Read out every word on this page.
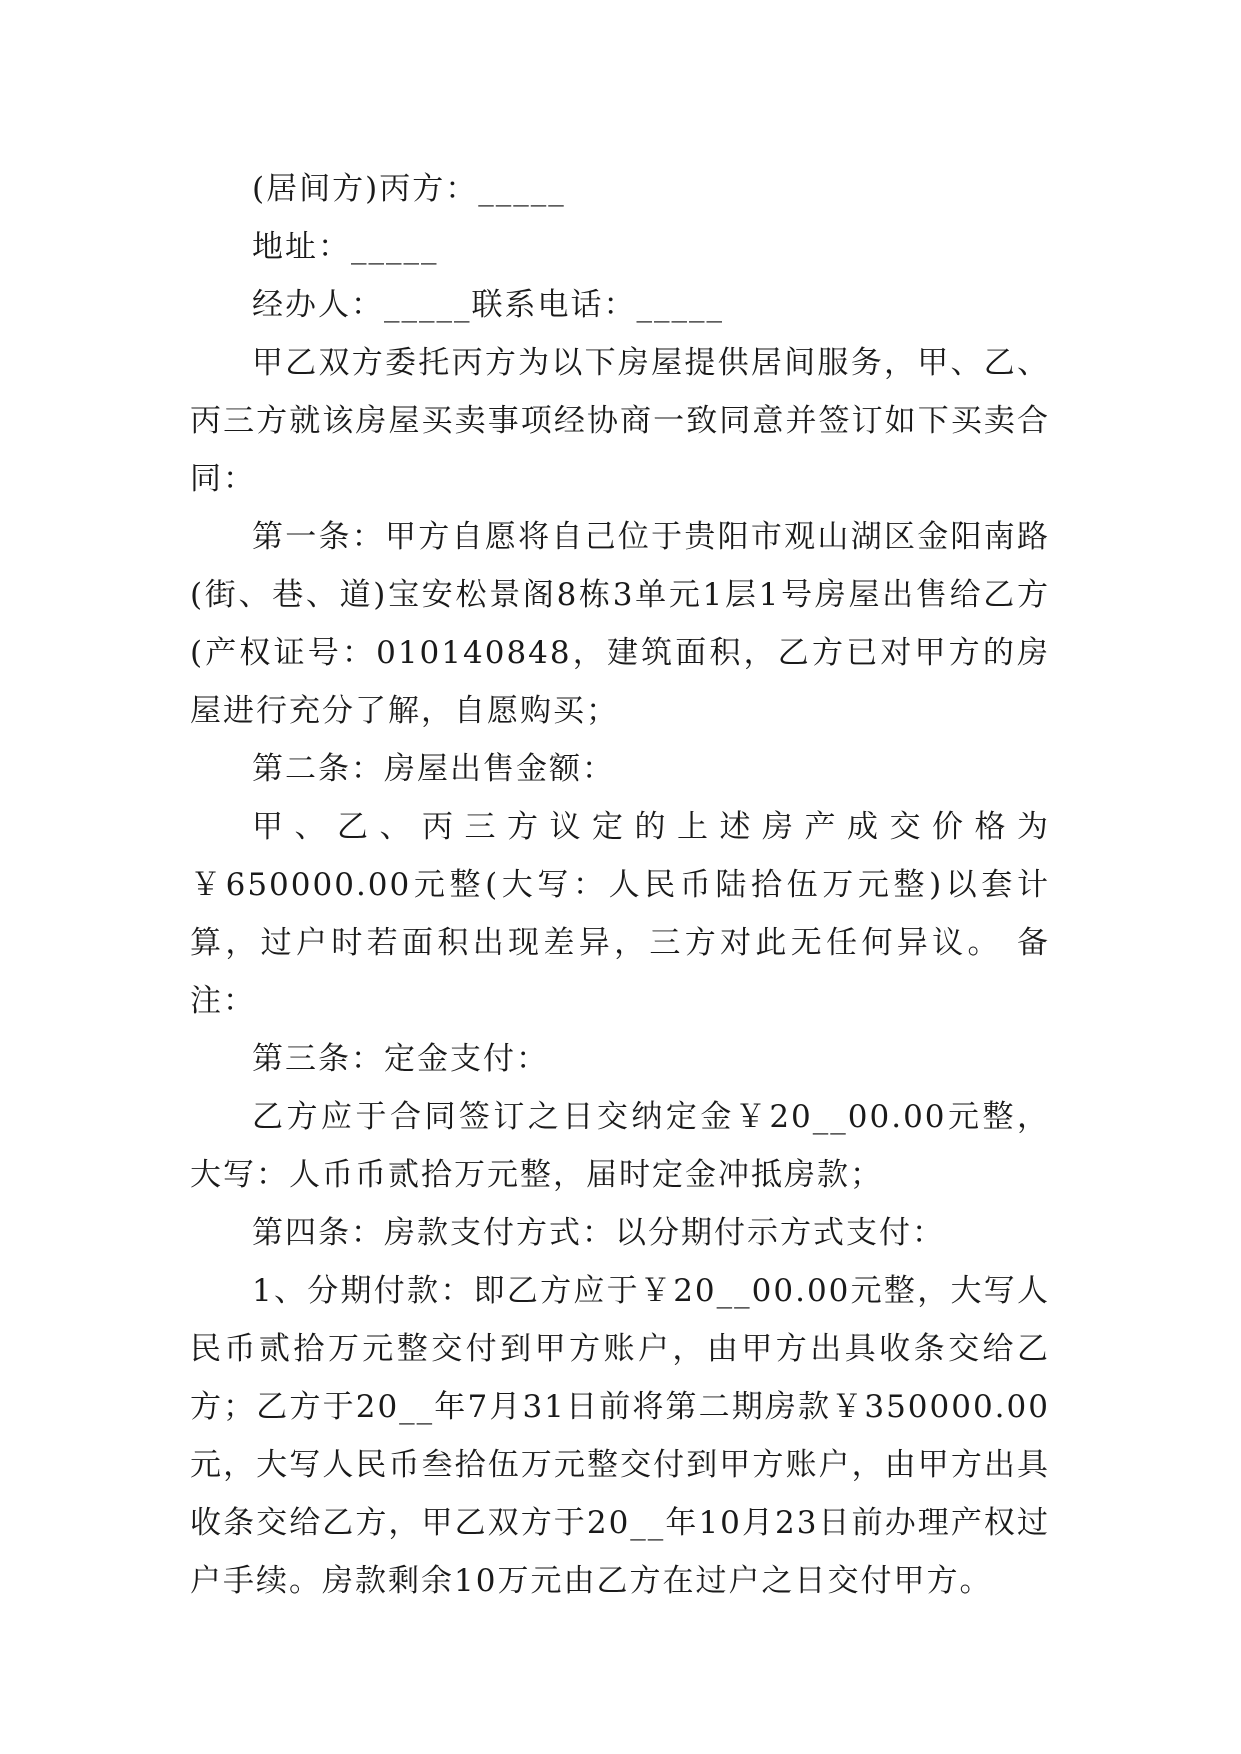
(居间方)丙方：_____

地址：_____

经办人：_____联系电话：_____

甲乙双方委托丙方为以下房屋提供居间服务，甲、乙、丙三方就该房屋买卖事项经协商一致同意并签订如下买卖合同：

第一条：甲方自愿将自己位于贵阳市观山湖区金阳南路(街、巷、道)宝安松景阁8栋3单元1层1号房屋出售给乙方(产权证号：010140848，建筑面积，乙方已对甲方的房屋进行充分了解，自愿购买；

第二条：房屋出售金额：

甲、乙、丙三方议定的上述房产成交价格为￥650000.00元整(大写：人民币陆拾伍万元整)以套计算，过户时若面积出现差异，三方对此无任何异议。 备注：

第三条：定金支付：

乙方应于合同签订之日交纳定金￥20__00.00元整，大写：人币币贰拾万元整，届时定金冲抵房款；

第四条：房款支付方式：以分期付示方式支付：

1、分期付款：即乙方应于￥20__00.00元整，大写人民币贰拾万元整交付到甲方账户，由甲方出具收条交给乙方；乙方于20__年7月31日前将第二期房款￥350000.00元，大写人民币叁拾伍万元整交付到甲方账户，由甲方出具收条交给乙方，甲乙双方于20__年10月23日前办理产权过户手续。房款剩余10万元由乙方在过户之日交付甲方。
